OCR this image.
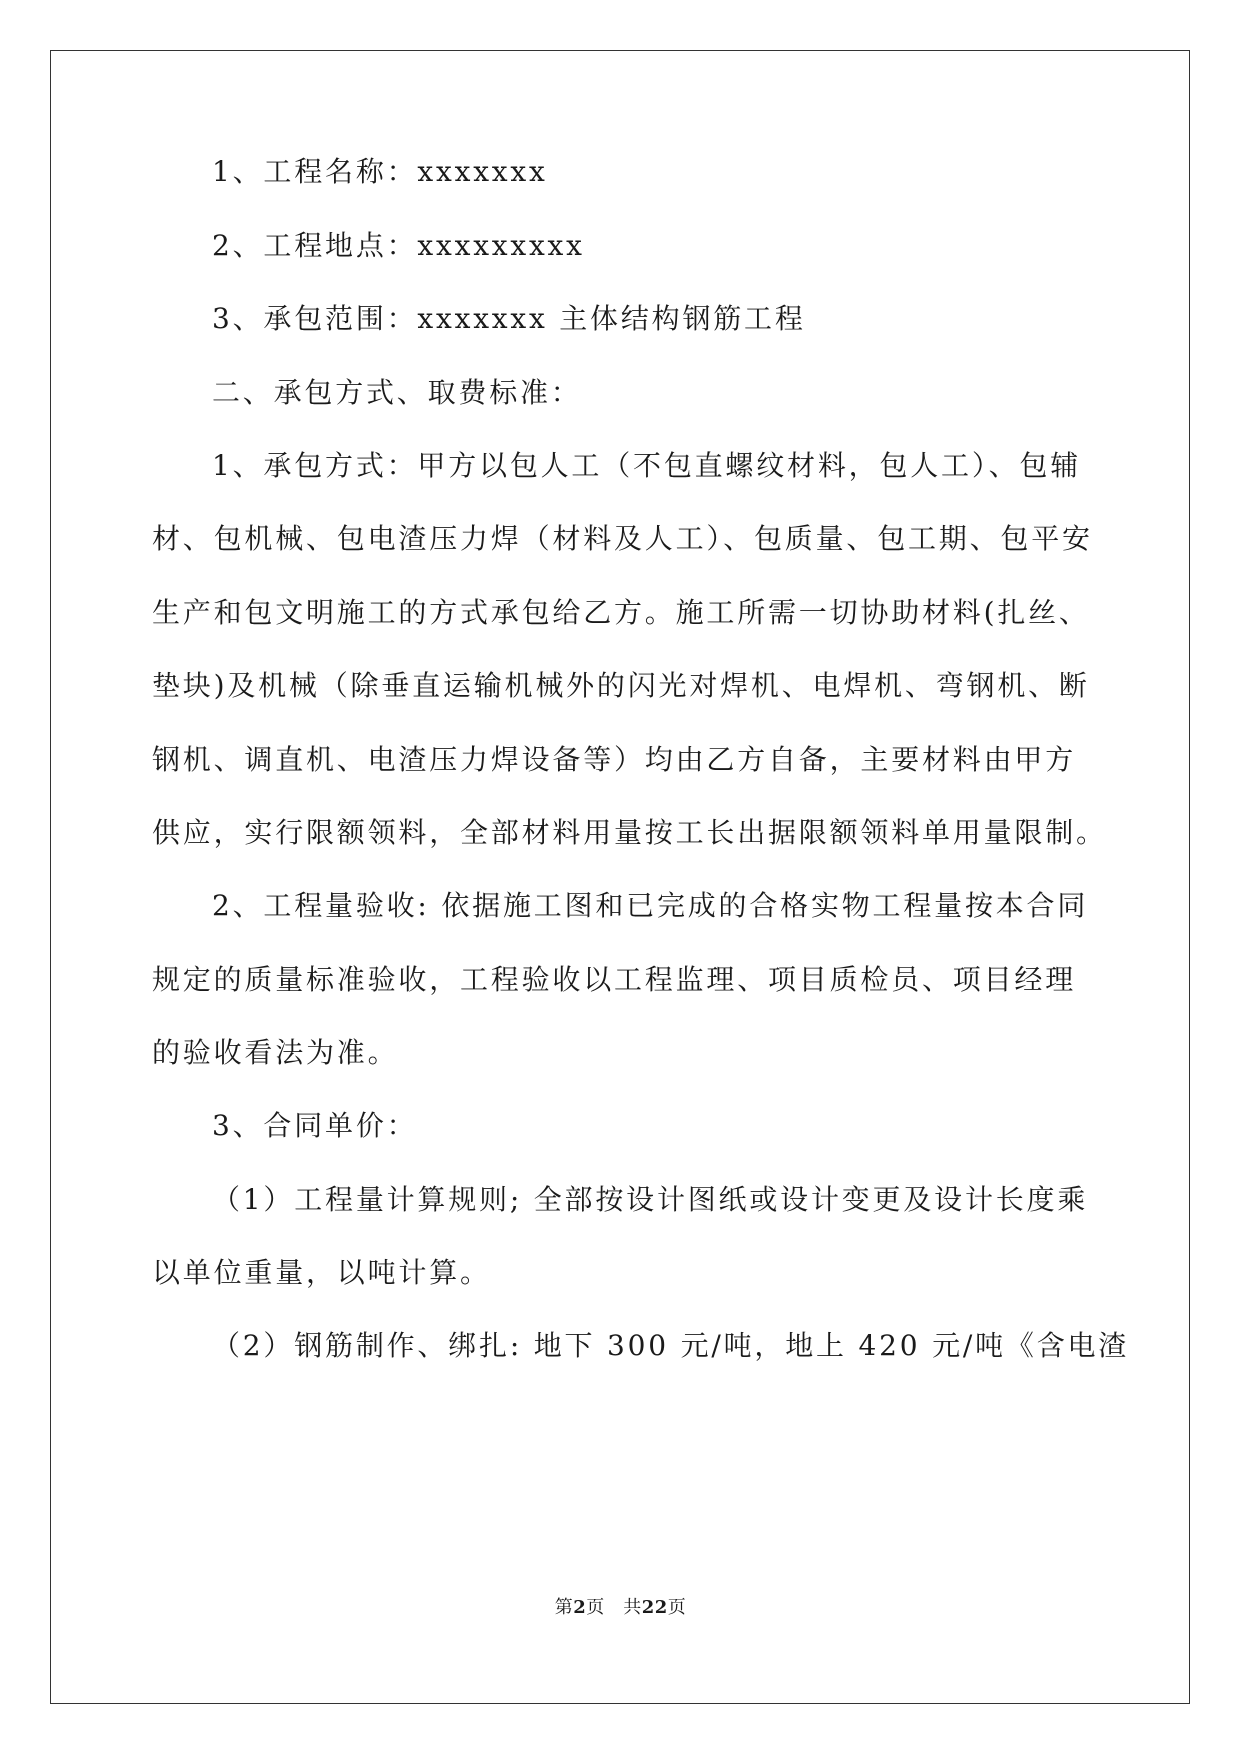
1、工程名称：xxxxxxx
2、工程地点：xxxxxxxxx
3、承包范围：xxxxxxx 主体结构钢筋工程
二、承包方式、取费标准：
1、承包方式：甲方以包人工（不包直螺纹材料，包人工）、包辅
材、包机械、包电渣压力焊（材料及人工）、包质量、包工期、包平安
生产和包文明施工的方式承包给乙方。施工所需一切协助材料(扎丝、
垫块)及机械（除垂直运输机械外的闪光对焊机、电焊机、弯钢机、断
钢机、调直机、电渣压力焊设备等）均由乙方自备，主要材料由甲方
供应，实行限额领料，全部材料用量按工长出据限额领料单用量限制。
2、工程量验收: 依据施工图和已完成的合格实物工程量按本合同
规定的质量标准验收，工程验收以工程监理、项目质检员、项目经理
的验收看法为准。
3、合同单价：
（1）工程量计算规则; 全部按设计图纸或设计变更及设计长度乘
以单位重量，以吨计算。
（2）钢筋制作、绑扎: 地下 300 元/吨，地上 420 元/吨《含电渣
第2页　共22页
